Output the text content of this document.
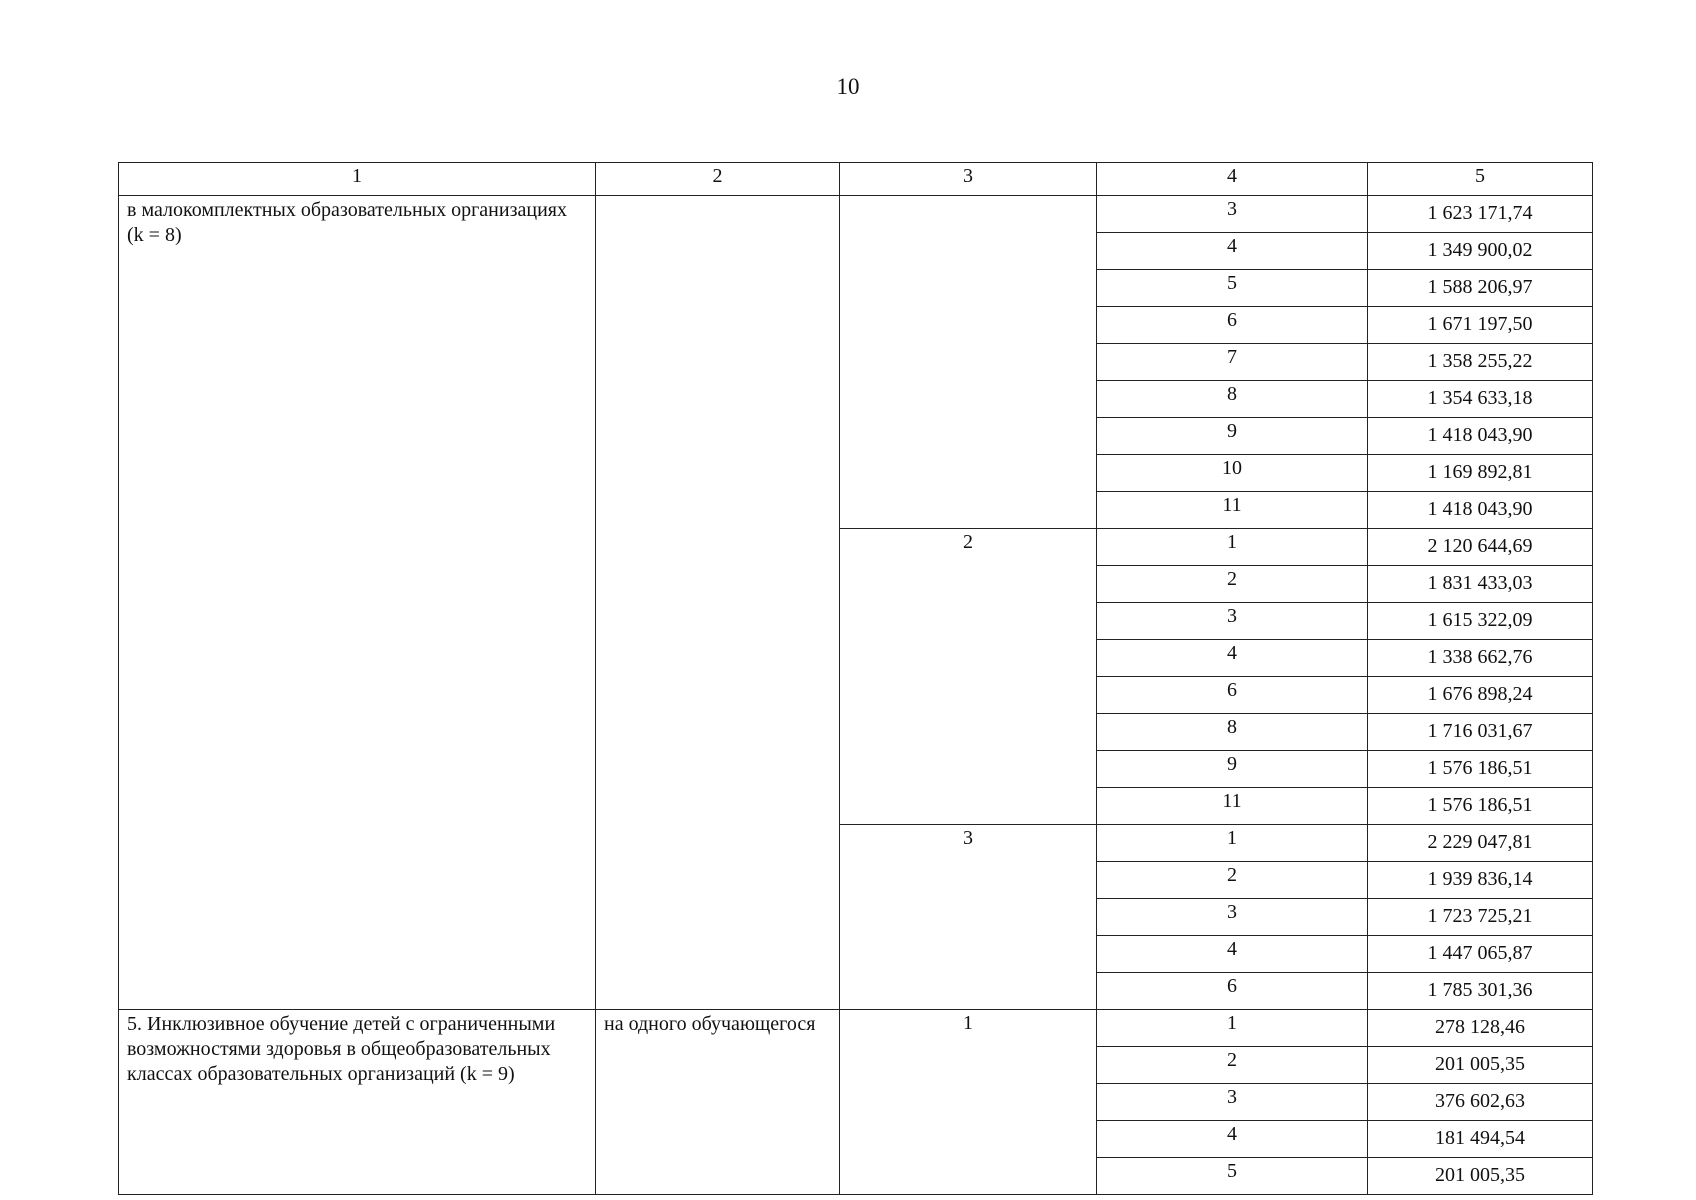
10
1	2	3	4	5
в малокомплектных образовательных организациях (k = 8)			3	1 623 171,74
			4	1 349 900,02
			5	1 588 206,97
			6	1 671 197,50
			7	1 358 255,22
			8	1 354 633,18
			9	1 418 043,90
			10	1 169 892,81
			11	1 418 043,90
		2	1	2 120 644,69
			2	1 831 433,03
			3	1 615 322,09
			4	1 338 662,76
			6	1 676 898,24
			8	1 716 031,67
			9	1 576 186,51
			11	1 576 186,51
		3	1	2 229 047,81
			2	1 939 836,14
			3	1 723 725,21
			4	1 447 065,87
			6	1 785 301,36
5. Инклюзивное обучение детей с ограниченными возможностями здоровья в общеобразовательных классах образовательных организаций (k = 9)	на одного обучающегося	1	1	278 128,46
			2	201 005,35
			3	376 602,63
			4	181 494,54
			5	201 005,35
